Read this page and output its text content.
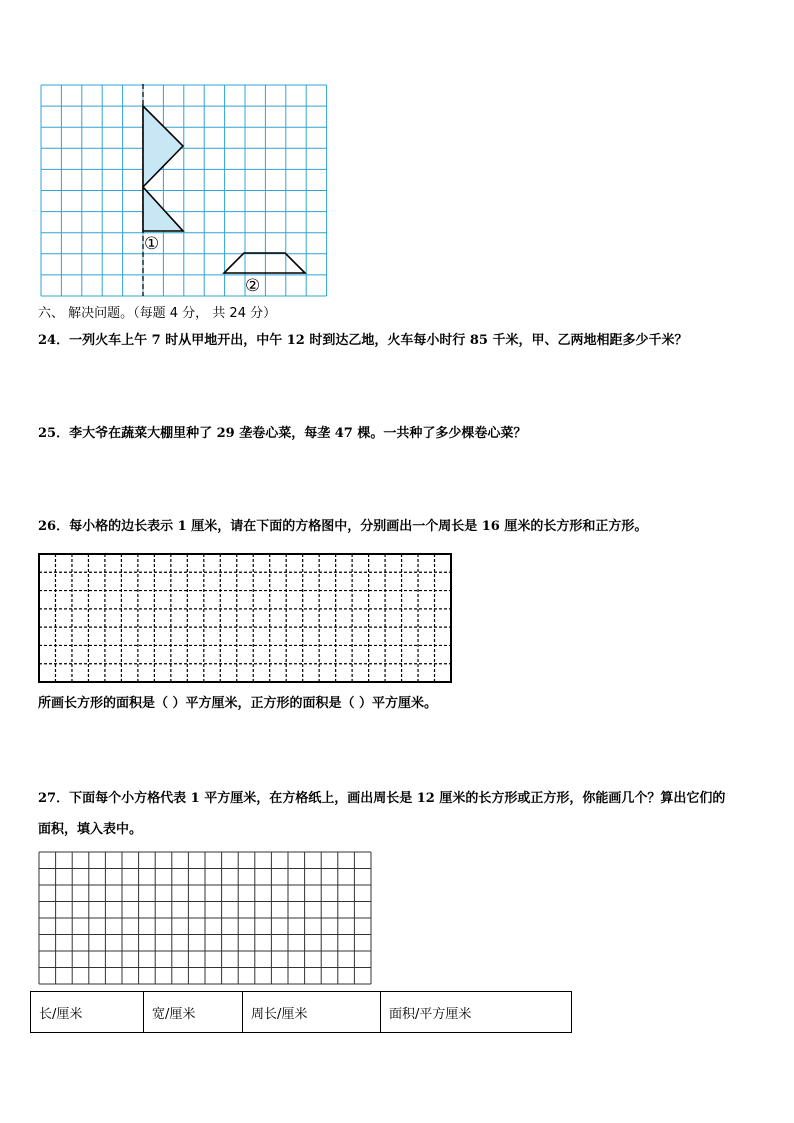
①
②
六、 解决问题。（每题 4 分， 共 24 分）
24．一列火车上午 7 时从甲地开出，中午 12 时到达乙地，火车每小时行 85 千米，甲、乙两地相距多少千米？
25．李大爷在蔬菜大棚里种了 29 垄卷心菜，每垄 47 棵。一共种了多少棵卷心菜？
26．每小格的边长表示 1 厘米，请在下面的方格图中，分别画出一个周长是 16 厘米的长方形和正方形。
所画长方形的面积是（ ）平方厘米，正方形的面积是（ ）平方厘米。
27．下面每个小方格代表 1 平方厘米，在方格纸上，画出周长是 12 厘米的长方形或正方形，你能画几个？算出它们的
面积，填入表中。
长/厘米	宽/厘米	周长/厘米	面积/平方厘米
